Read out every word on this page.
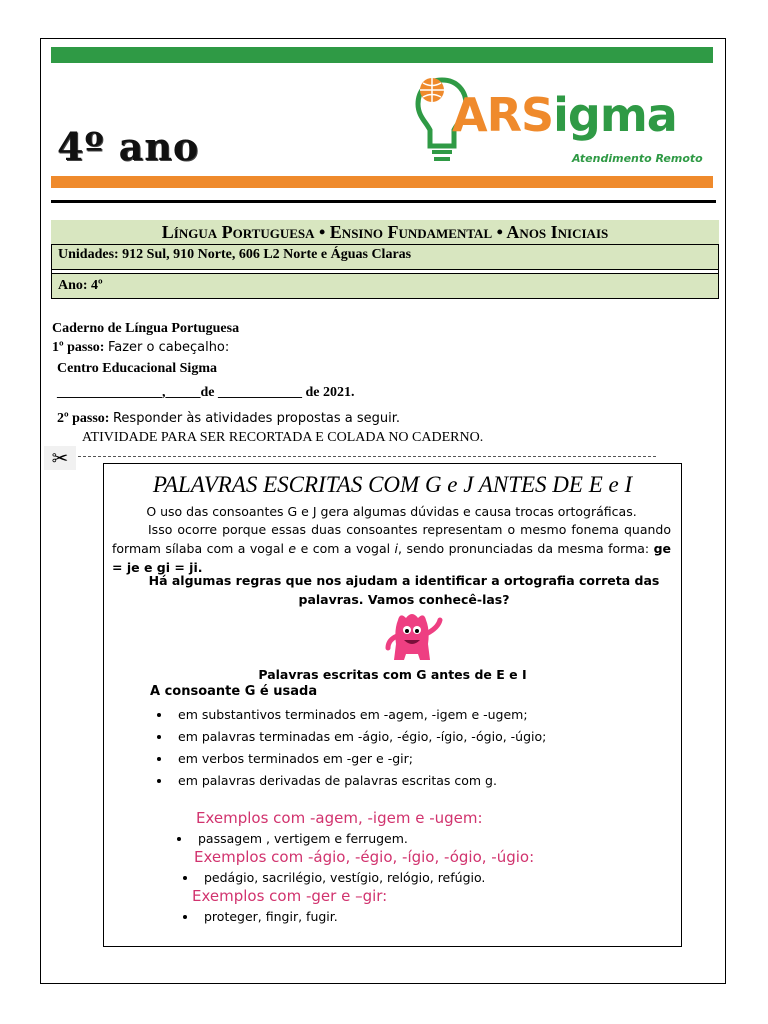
4º ano
ARSigma
Atendimento Remoto
Língua Portuguesa • Ensino Fundamental • Anos Iniciais
Unidades: 912 Sul, 910 Norte, 606 L2 Norte e Águas Claras
Ano: 4º
Caderno de Língua Portuguesa
1º passo: Fazer o cabeçalho:
Centro Educacional Sigma
_______________,_____de ____________ de 2021.
2º passo: Responder às atividades propostas a seguir.
ATIVIDADE PARA SER RECORTADA E COLADA NO CADERNO.
✂
PALAVRAS ESCRITAS COM G e J ANTES DE E e I
O uso das consoantes G e J gera algumas dúvidas e causa trocas ortográficas.
Isso ocorre porque essas duas consoantes representam o mesmo fonema quando formam sílaba com a vogal e e com a vogal i, sendo pronunciadas da mesma forma: ge = je e gi = ji.
Há algumas regras que nos ajudam a identificar a ortografia correta das palavras. Vamos conhecê-las?
Palavras escritas com G antes de E e I
A consoante G é usada
• em substantivos terminados em -agem, -igem e -ugem;
• em palavras terminadas em -ágio, -égio, -ígio, -ógio, -úgio;
• em verbos terminados em -ger e -gir;
• em palavras derivadas de palavras escritas com g.
Exemplos com -agem, -igem e -ugem:
• passagem , vertigem e ferrugem.
Exemplos com -ágio, -égio, -ígio, -ógio, -úgio:
• pedágio, sacrilégio, vestígio, relógio, refúgio.
Exemplos com -ger e –gir:
• proteger, fingir, fugir.
